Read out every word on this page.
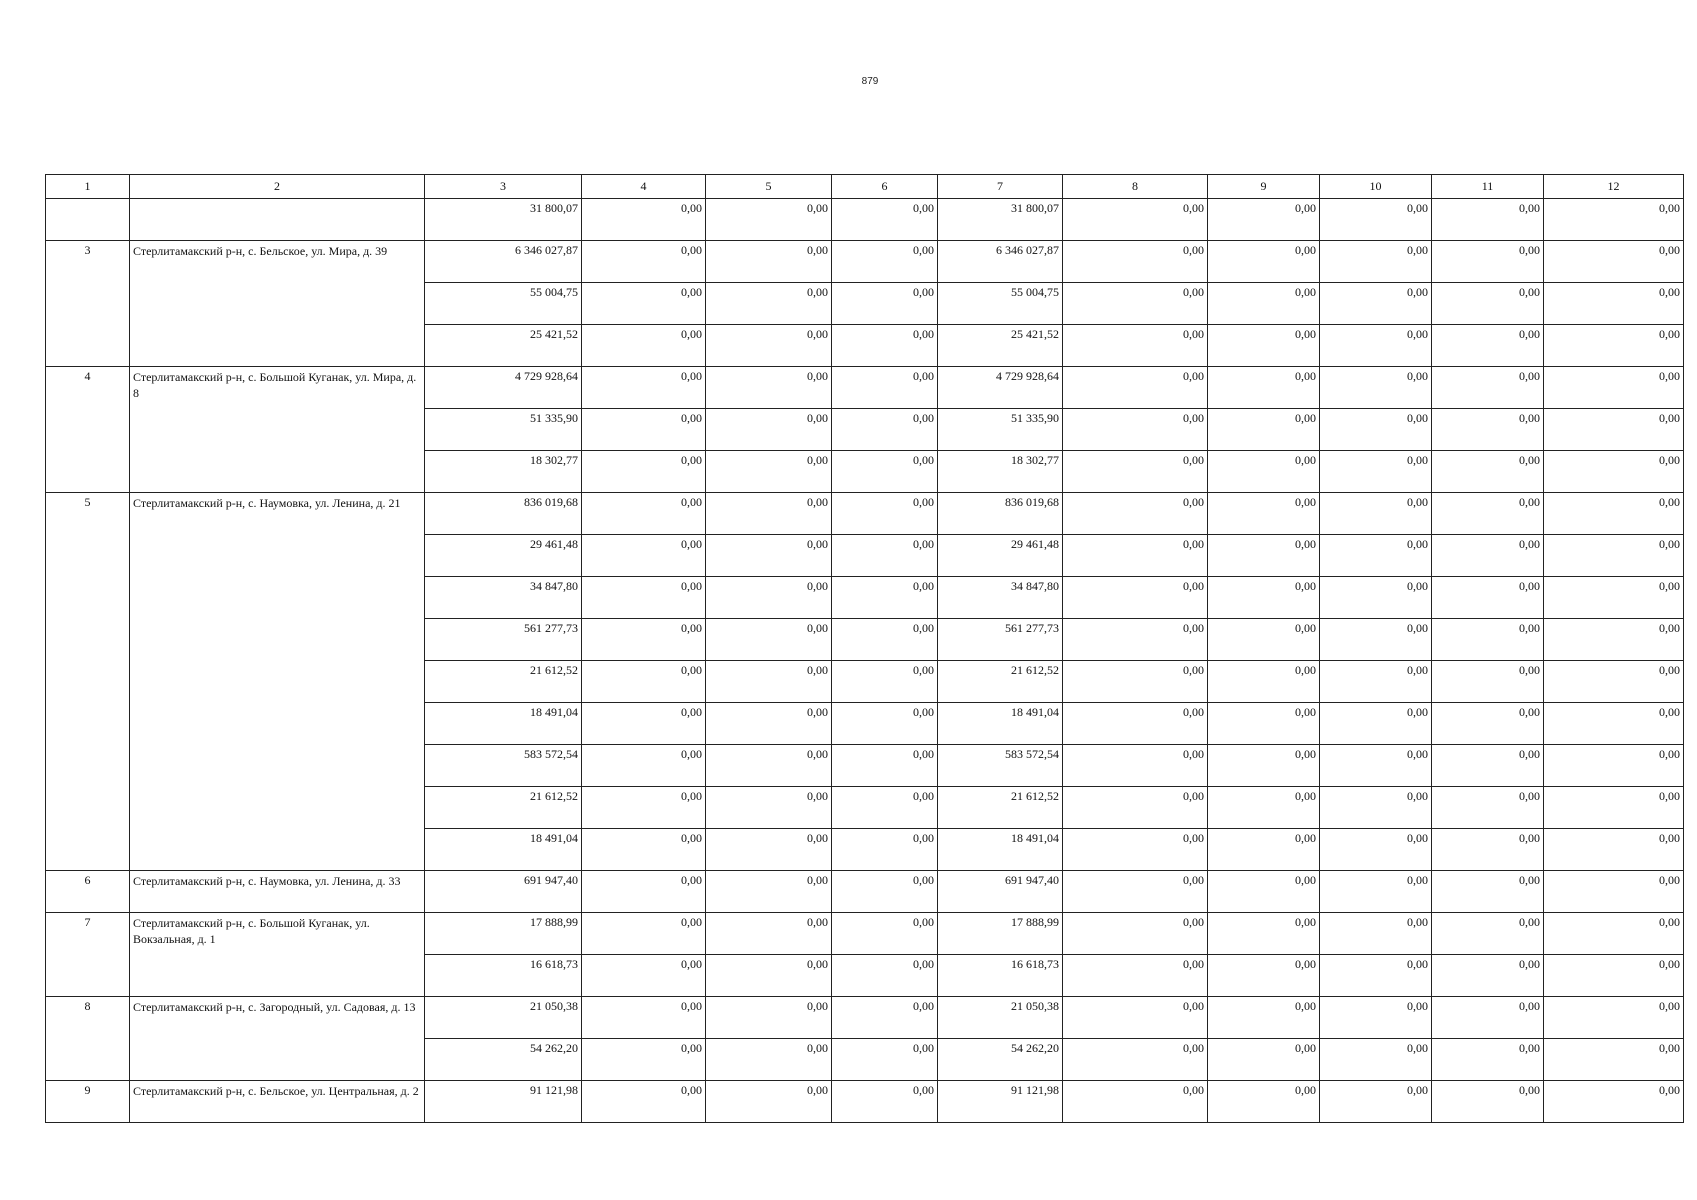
879
1	2	3	4	5	6	7	8	9	10	11	12
		31 800,07	0,00	0,00	0,00	31 800,07	0,00	0,00	0,00	0,00	0,00
3	Стерлитамакский р-н, с. Бельское, ул. Мира, д. 39	6 346 027,87	0,00	0,00	0,00	6 346 027,87	0,00	0,00	0,00	0,00	0,00
		55 004,75	0,00	0,00	0,00	55 004,75	0,00	0,00	0,00	0,00	0,00
		25 421,52	0,00	0,00	0,00	25 421,52	0,00	0,00	0,00	0,00	0,00
4	Стерлитамакский р-н, с. Большой Куганак, ул. Мира, д. 8	4 729 928,64	0,00	0,00	0,00	4 729 928,64	0,00	0,00	0,00	0,00	0,00
		51 335,90	0,00	0,00	0,00	51 335,90	0,00	0,00	0,00	0,00	0,00
		18 302,77	0,00	0,00	0,00	18 302,77	0,00	0,00	0,00	0,00	0,00
5	Стерлитамакский р-н, с. Наумовка, ул. Ленина, д. 21	836 019,68	0,00	0,00	0,00	836 019,68	0,00	0,00	0,00	0,00	0,00
		29 461,48	0,00	0,00	0,00	29 461,48	0,00	0,00	0,00	0,00	0,00
		34 847,80	0,00	0,00	0,00	34 847,80	0,00	0,00	0,00	0,00	0,00
		561 277,73	0,00	0,00	0,00	561 277,73	0,00	0,00	0,00	0,00	0,00
		21 612,52	0,00	0,00	0,00	21 612,52	0,00	0,00	0,00	0,00	0,00
		18 491,04	0,00	0,00	0,00	18 491,04	0,00	0,00	0,00	0,00	0,00
		583 572,54	0,00	0,00	0,00	583 572,54	0,00	0,00	0,00	0,00	0,00
		21 612,52	0,00	0,00	0,00	21 612,52	0,00	0,00	0,00	0,00	0,00
		18 491,04	0,00	0,00	0,00	18 491,04	0,00	0,00	0,00	0,00	0,00
6	Стерлитамакский р-н, с. Наумовка, ул. Ленина, д. 33	691 947,40	0,00	0,00	0,00	691 947,40	0,00	0,00	0,00	0,00	0,00
7	Стерлитамакский р-н, с. Большой Куганак, ул. Вокзальная, д. 1	17 888,99	0,00	0,00	0,00	17 888,99	0,00	0,00	0,00	0,00	0,00
		16 618,73	0,00	0,00	0,00	16 618,73	0,00	0,00	0,00	0,00	0,00
8	Стерлитамакский р-н, с. Загородный, ул. Садовая, д. 13	21 050,38	0,00	0,00	0,00	21 050,38	0,00	0,00	0,00	0,00	0,00
		54 262,20	0,00	0,00	0,00	54 262,20	0,00	0,00	0,00	0,00	0,00
9	Стерлитамакский р-н, с. Бельское, ул. Центральная, д. 2	91 121,98	0,00	0,00	0,00	91 121,98	0,00	0,00	0,00	0,00	0,00
